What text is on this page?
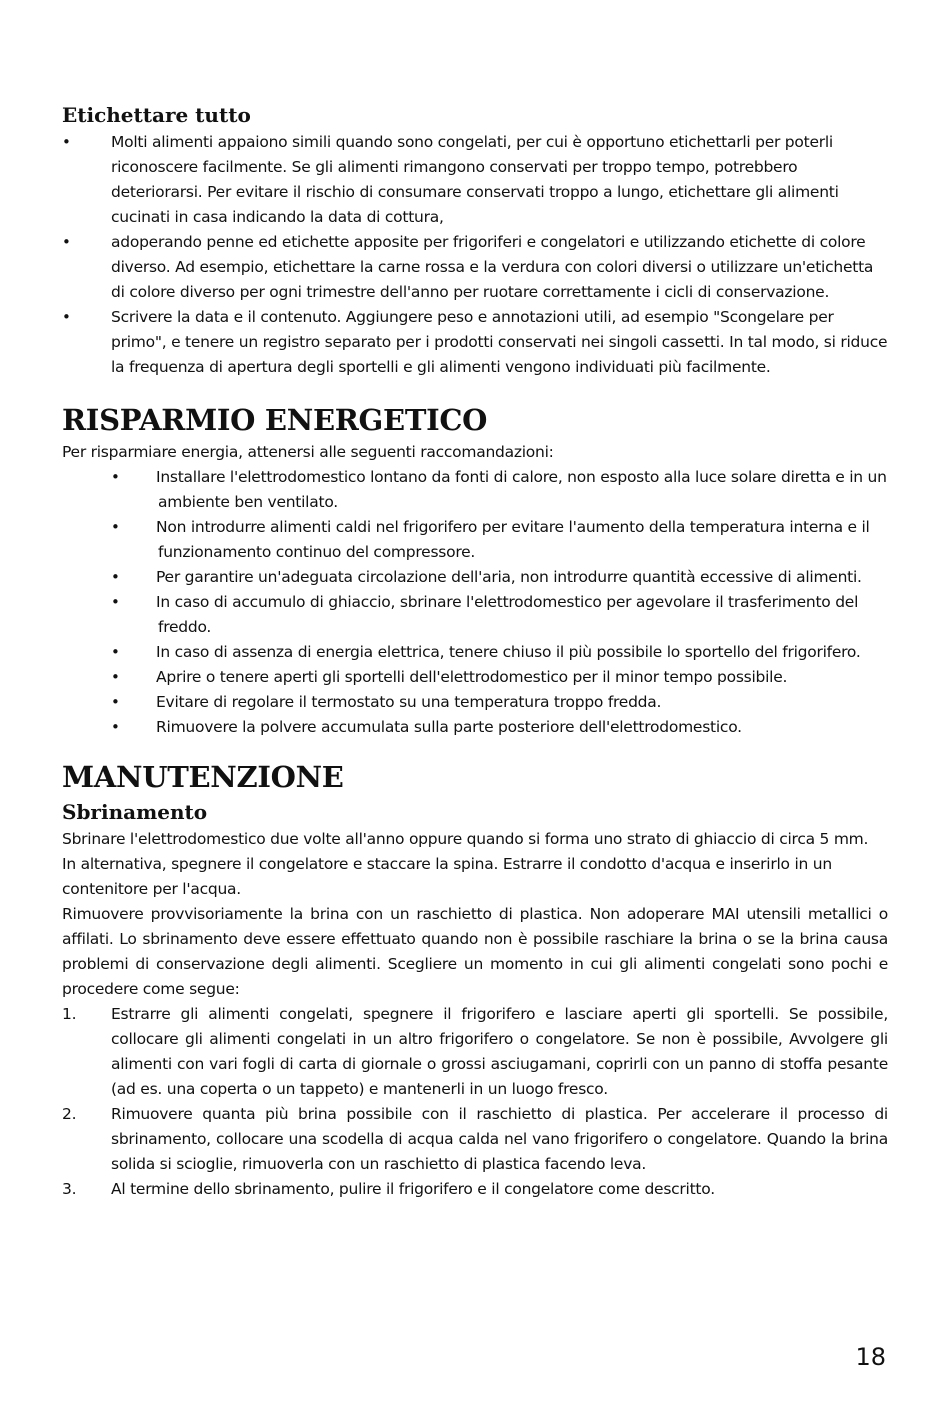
Etichettare tutto
• Molti alimenti appaiono simili quando sono congelati, per cui è opportuno etichettarli per poterli riconoscere facilmente. Se gli alimenti rimangono conservati per troppo tempo, potrebbero deteriorarsi. Per evitare il rischio di consumare conservati troppo a lungo, etichettare gli alimenti cucinati in casa indicando la data di cottura,
• adoperando penne ed etichette apposite per frigoriferi e congelatori e utilizzando etichette di colore diverso. Ad esempio, etichettare la carne rossa e la verdura con colori diversi o utilizzare un'etichetta di colore diverso per ogni trimestre dell'anno per ruotare correttamente i cicli di conservazione.
• Scrivere la data e il contenuto. Aggiungere peso e annotazioni utili, ad esempio "Scongelare per primo", e tenere un registro separato per i prodotti conservati nei singoli cassetti. In tal modo, si riduce la frequenza di apertura degli sportelli e gli alimenti vengono individuati più facilmente.
RISPARMIO ENERGETICO

Per risparmiare energia, attenersi alle seguenti raccomandazioni:

• Installare l'elettrodomestico lontano da fonti di calore, non esposto alla luce solare diretta e in un ambiente ben ventilato.
• Non introdurre alimenti caldi nel frigorifero per evitare l'aumento della temperatura interna e il funzionamento continuo del compressore.
• Per garantire un'adeguata circolazione dell'aria, non introdurre quantità eccessive di alimenti.
• In caso di accumulo di ghiaccio, sbrinare l'elettrodomestico per agevolare il trasferimento del freddo.
• In caso di assenza di energia elettrica, tenere chiuso il più possibile lo sportello del frigorifero.
• Aprire o tenere aperti gli sportelli dell'elettrodomestico per il minor tempo possibile.
• Evitare di regolare il termostato su una temperatura troppo fredda.
• Rimuovere la polvere accumulata sulla parte posteriore dell'elettrodomestico.
MANUTENZIONE
Sbrinamento

Sbrinare l'elettrodomestico due volte all'anno oppure quando si forma uno strato di ghiaccio di circa 5 mm.

In alternativa, spegnere il congelatore e staccare la spina. Estrarre il condotto d'acqua e inserirlo in un contenitore per l'acqua.

Rimuovere provvisoriamente la brina con un raschietto di plastica. Non adoperare MAI utensili metallici o affilati. Lo sbrinamento deve essere effettuato quando non è possibile raschiare la brina o se la brina causa problemi di conservazione degli alimenti. Scegliere un momento in cui gli alimenti congelati sono pochi e procedere come segue:

1. Estrarre gli alimenti congelati, spegnere il frigorifero e lasciare aperti gli sportelli. Se possibile, collocare gli alimenti congelati in un altro frigorifero o congelatore. Se non è possibile, Avvolgere gli alimenti con vari fogli di carta di giornale o grossi asciugamani, coprirli con un panno di stoffa pesante (ad es. una coperta o un tappeto) e mantenerli in un luogo fresco.
2. Rimuovere quanta più brina possibile con il raschietto di plastica. Per accelerare il processo di sbrinamento, collocare una scodella di acqua calda nel vano frigorifero o congelatore. Quando la brina solida si scioglie, rimuoverla con un raschietto di plastica facendo leva.
3. Al termine dello sbrinamento, pulire il frigorifero e il congelatore come descritto.
18
